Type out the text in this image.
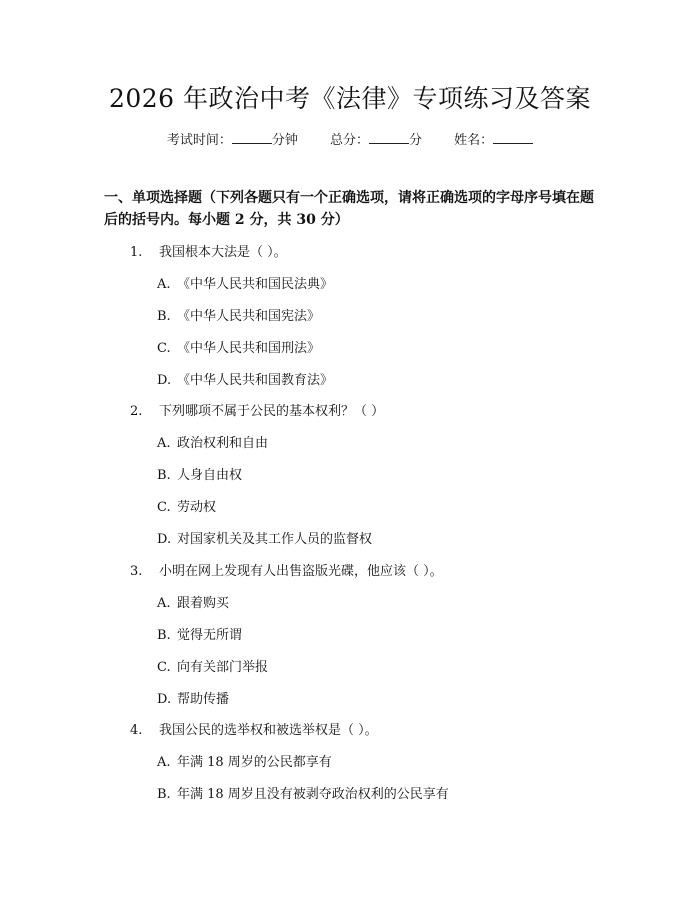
2026 年政治中考《法律》专项练习及答案
考试时间：	分钟 总分：	分 姓名：
一、单项选择题（下列各题只有一个正确选项，请将正确选项的字母序号填在题后的括号内。每小题 2 分，共 30 分）
1. 我国根本大法是（ ）。
A. 《中华人民共和国民法典》
B. 《中华人民共和国宪法》
C. 《中华人民共和国刑法》
D. 《中华人民共和国教育法》
2. 下列哪项不属于公民的基本权利？（ ）
A. 政治权利和自由
B. 人身自由权
C. 劳动权
D. 对国家机关及其工作人员的监督权
3. 小明在网上发现有人出售盗版光碟，他应该（ ）。
A. 跟着购买
B. 觉得无所谓
C. 向有关部门举报
D. 帮助传播
4. 我国公民的选举权和被选举权是（ ）。
A. 年满 18 周岁的公民都享有
B. 年满 18 周岁且没有被剥夺政治权利的公民享有
